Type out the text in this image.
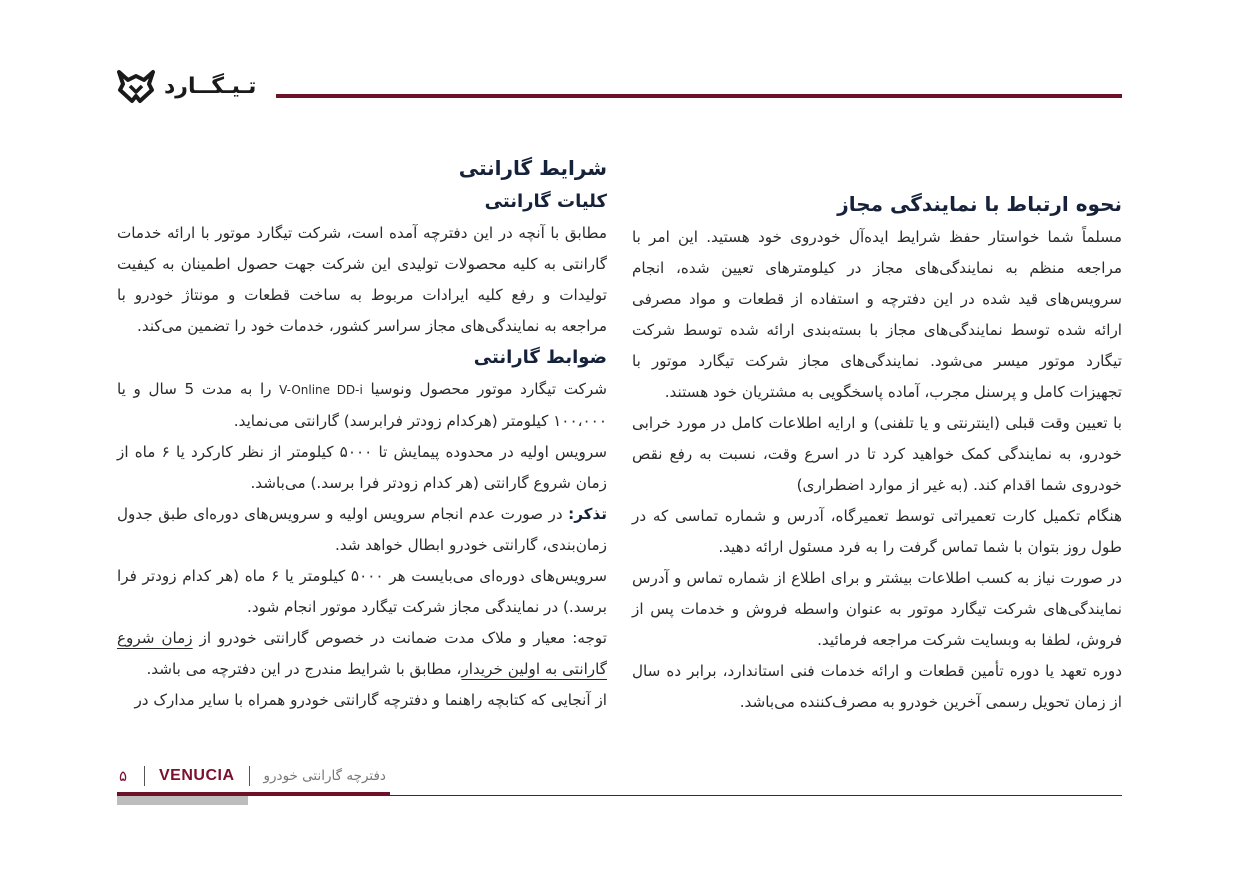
تـیـگــارد
نحوه ارتباط با نمایندگی مجاز

مسلماً شما خواستار حفظ شرایط ایده‌آل خودروی خود هستید. این امر با مراجعه منظم به نمایندگی‌های مجاز در کیلومترهای تعیین شده، انجام سرویس‌های قید شده در این دفترچه و استفاده از قطعات و مواد مصرفی ارائه شده توسط نمایندگی‌های مجاز با بسته‌بندی ارائه شده توسط شرکت تیگارد موتور میسر می‌شود. نمایندگی‌های مجاز شرکت تیگارد موتور با تجهیزات کامل و پرسنل مجرب، آماده پاسخگویی به مشتریان خود هستند.

با تعیین وقت قبلی (اینترنتی و یا تلفنی) و ارایه اطلاعات کامل در مورد خرابی خودرو، به نمایندگی کمک خواهید کرد تا در اسرع وقت، نسبت به رفع نقص خودروی شما اقدام کند. (به غیر از موارد اضطراری)

هنگام تکمیل کارت تعمیراتی توسط تعمیرگاه، آدرس و شماره تماسی که در طول روز بتوان با شما تماس گرفت را به فرد مسئول ارائه دهید.

در صورت نیاز به کسب اطلاعات بیشتر و برای اطلاع از شماره تماس و آدرس نمایندگی‌های شرکت تیگارد موتور به عنوان واسطه فروش و خدمات پس از فروش، لطفا به وبسایت شرکت مراجعه فرمائید.

دوره تعهد یا دوره تأمین قطعات و ارائه خدمات فنی استاندارد، برابر ده سال از زمان تحویل رسمی آخرین خودرو به مصرف‌کننده می‌باشد.

شرایط گارانتی
کلیات گارانتی

مطابق با آنچه در این دفترچه آمده است، شرکت تیگارد موتور با ارائه خدمات گارانتی به کلیه محصولات تولیدی این شرکت جهت حصول اطمینان به کیفیت تولیدات و رفع کلیه ایرادات مربوط به ساخت قطعات و مونتاژ خودرو با مراجعه به نمایندگی‌های مجاز سراسر کشور، خدمات خود را تضمین می‌کند.

ضوابط گارانتی

شرکت تیگارد موتور محصول ونوسیا V-Online DD-i را به مدت 5 سال و یا ۱۰۰،۰۰۰ کیلومتر (هرکدام زودتر فرابرسد) گارانتی می‌نماید.

سرویس اولیه در محدوده پیمایش تا ۵۰۰۰ کیلومتر از نظر کارکرد یا ۶ ماه از زمان شروع گارانتی (هر کدام زودتر فرا برسد.) می‌باشد.

تذکر: در صورت عدم انجام سرویس اولیه و سرویس‌های دوره‌ای طبق جدول زمان‌بندی، گارانتی خودرو ابطال خواهد شد.

سرویس‌های دوره‌ای می‌بایست هر ۵۰۰۰ کیلومتر یا ۶ ماه (هر کدام زودتر فرا برسد.) در نمایندگی مجاز شرکت تیگارد موتور انجام شود.

توجه: معیار و ملاک مدت ضمانت در خصوص گارانتی خودرو از زمان شروع گارانتی به اولین خریدار، مطابق با شرایط مندرج در این دفترچه می باشد.

از آنجایی که کتابچه راهنما و دفترچه گارانتی خودرو همراه با سایر مدارک در

۵ VENUCIA دفترچه گارانتی خودرو
